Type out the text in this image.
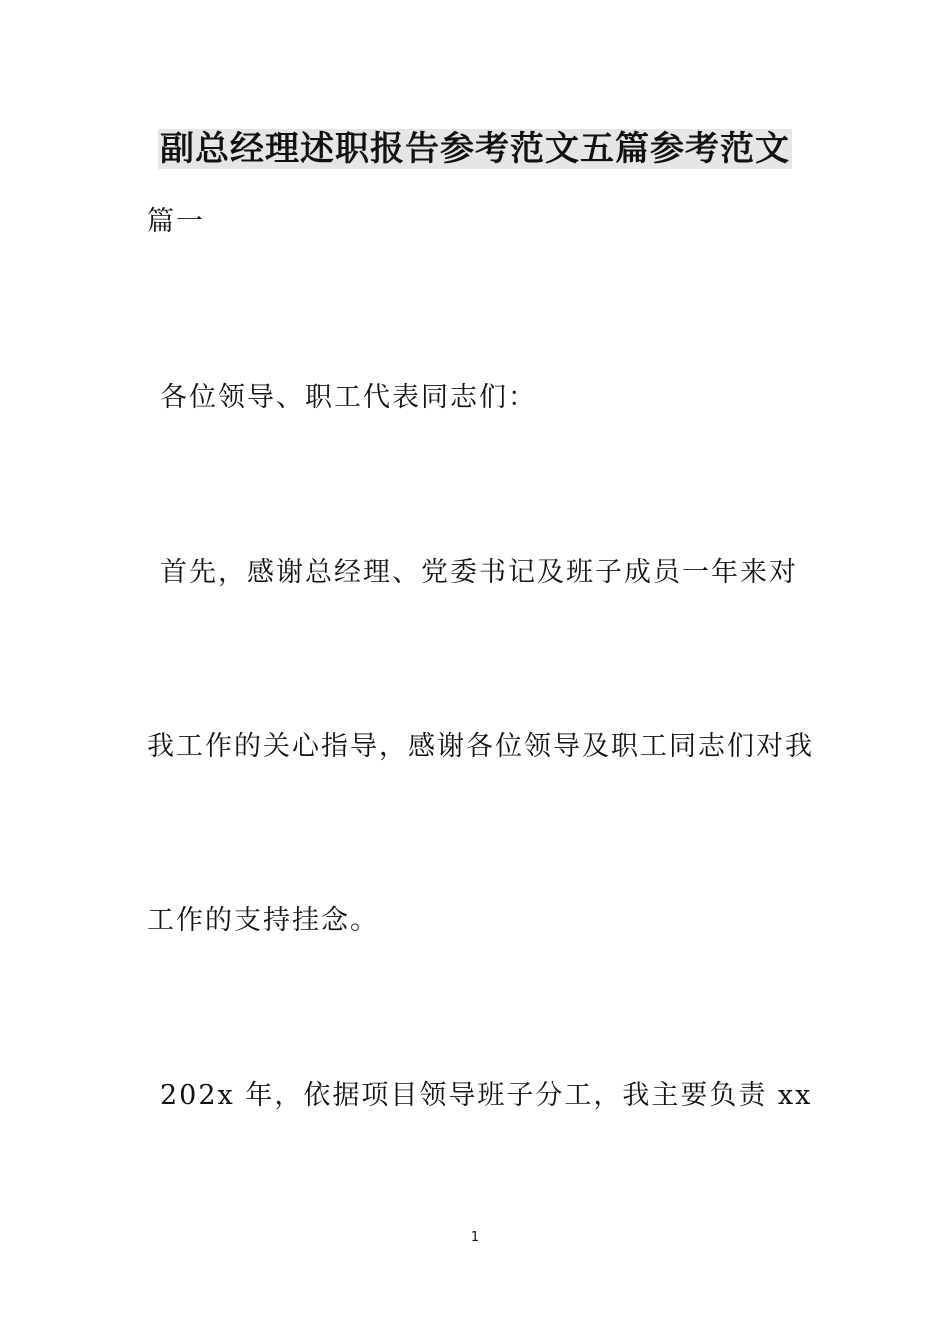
副总经理述职报告参考范文五篇参考范文
篇一
各位领导、职工代表同志们：
首先，感谢总经理、党委书记及班子成员一年来对
我工作的关心指导，感谢各位领导及职工同志们对我
工作的支持挂念。
202x 年，依据项目领导班子分工，我主要负责 xx
1
